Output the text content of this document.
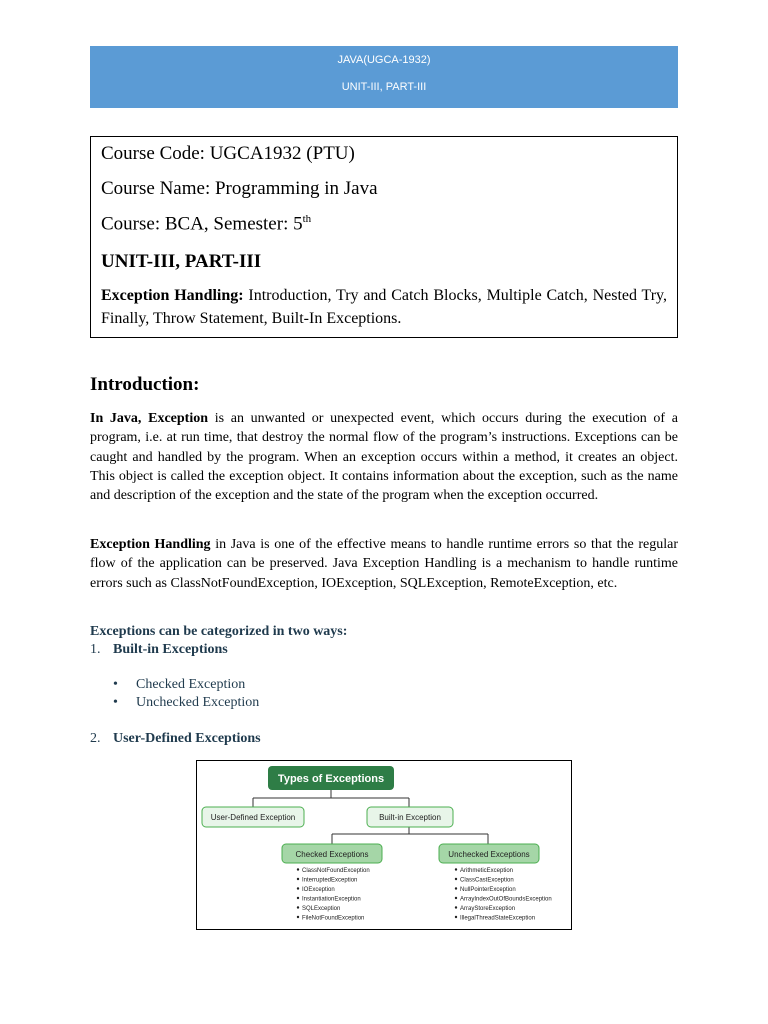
JAVA(UGCA-1932)
UNIT-III, PART-III
Course Code: UGCA1932 (PTU)
Course Name: Programming in Java
Course: BCA, Semester: 5th
UNIT-III, PART-III
Exception Handling: Introduction, Try and Catch Blocks, Multiple Catch, Nested Try, Finally, Throw Statement, Built-In Exceptions.
Introduction:
In Java, Exception is an unwanted or unexpected event, which occurs during the execution of a program, i.e. at run time, that destroy the normal flow of the program’s instructions. Exceptions can be caught and handled by the program. When an exception occurs within a method, it creates an object. This object is called the exception object. It contains information about the exception, such as the name and description of the exception and the state of the program when the exception occurred.
Exception Handling in Java is one of the effective means to handle runtime errors so that the regular flow of the application can be preserved. Java Exception Handling is a mechanism to handle runtime errors such as ClassNotFoundException, IOException, SQLException, RemoteException, etc.
Exceptions can be categorized in two ways:
1. Built-in Exceptions
• Checked Exception
• Unchecked Exception
2. User-Defined Exceptions
Types of Exceptions
User-Defined Exception	Built-in Exception
Checked Exceptions	Unchecked Exceptions
ClassNotFoundException
InterruptedException
IOException
InstantiationException
SQLException
FileNotFoundException
ArithmeticException
ClassCastException
NullPointerException
ArrayIndexOutOfBoundsException
ArrayStoreException
IllegalThreadStateException
